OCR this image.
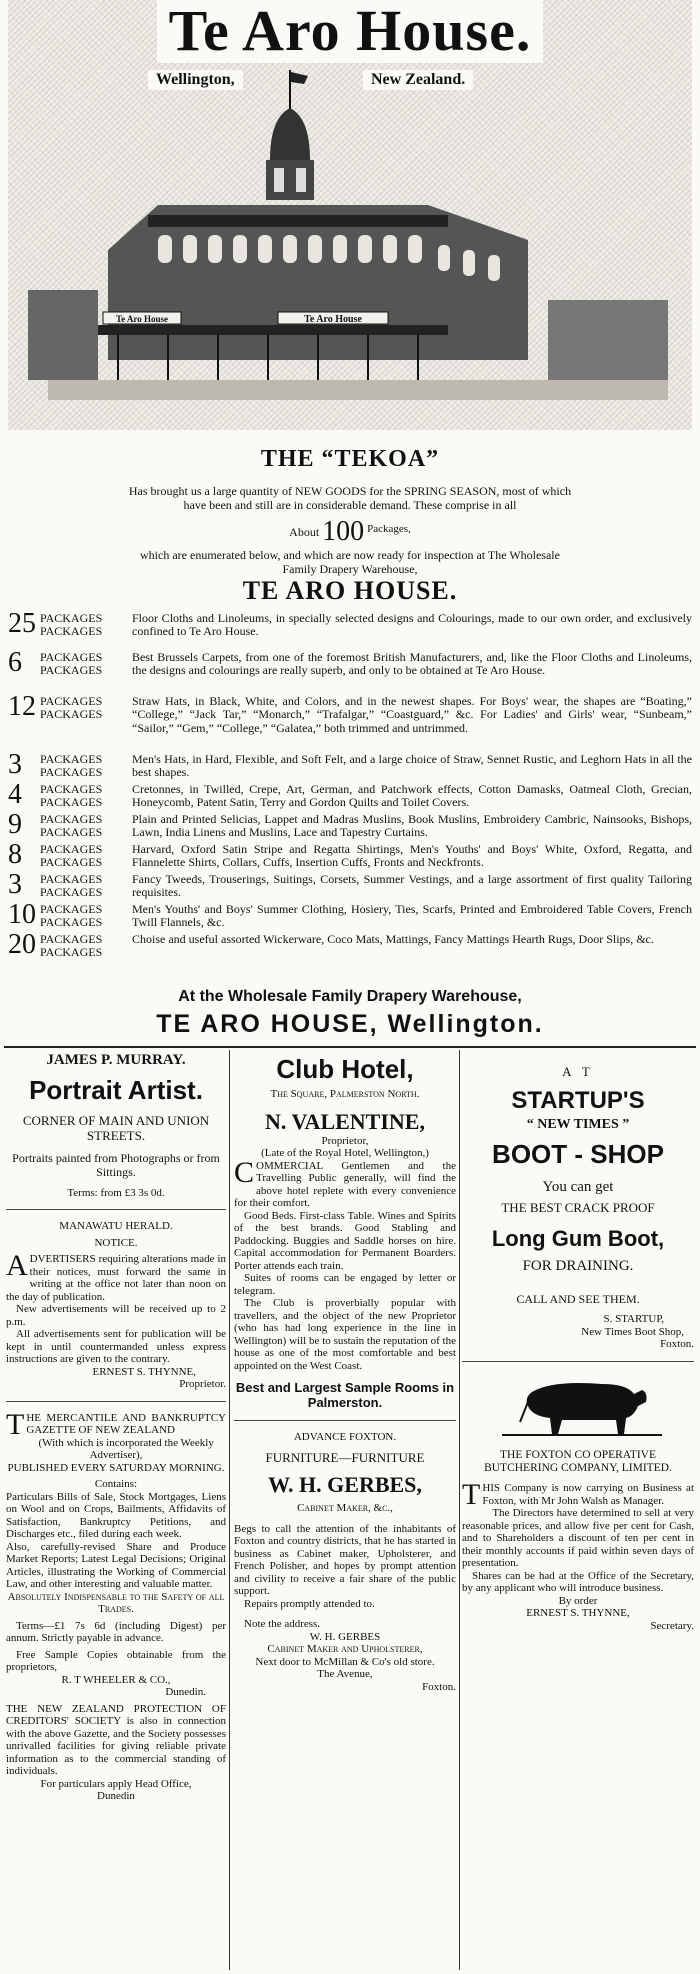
Te Aro House	Te Aro House
Te Aro House.
Wellington,	New Zealand.
THE “TEKOA”
Has brought us a large quantity of NEW GOODS for the SPRING SEASON, most of which have been and still are in considerable demand. These comprise in all
About 100 Packages,
which are enumerated below, and which are now ready for inspection at The Wholesale Family Drapery Warehouse,
TE ARO HOUSE.
25 PACKAGES
PACKAGES
Floor Cloths and Linoleums, in specially selected designs and Colourings, made to our own order, and exclusively confined to Te Aro House.
6 PACKAGES
PACKAGES
Best Brussels Carpets, from one of the foremost British Manufacturers, and, like the Floor Cloths and Linoleums, the designs and colourings are really superb, and only to be obtained at Te Aro House.
12 PACKAGES
PACKAGES
Straw Hats, in Black, White, and Colors, and in the newest shapes. For Boys' wear, the shapes are “Boating,” “College,” “Jack Tar,” “Monarch,” “Trafalgar,” “Coastguard,” &c. For Ladies' and Girls' wear, “Sunbeam,” “Sailor,” “Gem,” “College,” “Galatea,” both trimmed and untrimmed.
3 PACKAGES
PACKAGES
Men's Hats, in Hard, Flexible, and Soft Felt, and a large choice of Straw, Sennet Rustic, and Leghorn Hats in all the best shapes.
4 PACKAGES
PACKAGES
Cretonnes, in Twilled, Crepe, Art, German, and Patchwork effects, Cotton Damasks, Oatmeal Cloth, Grecian, Honeycomb, Patent Satin, Terry and Gordon Quilts and Toilet Covers.
9 PACKAGES
PACKAGES
Plain and Printed Selicias, Lappet and Madras Muslins, Book Muslins, Embroidery Cambric, Nainsooks, Bishops, Lawn, India Linens and Muslins, Lace and Tapestry Curtains.
8 PACKAGES
PACKAGES
Harvard, Oxford Satin Stripe and Regatta Shirtings, Men's Youths' and Boys' White, Oxford, Regatta, and Flannelette Shirts, Collars, Cuffs, Insertion Cuffs, Fronts and Neckfronts.
3 PACKAGES
PACKAGES
Fancy Tweeds, Trouserings, Suitings, Corsets, Summer Vestings, and a large assortment of first quality Tailoring requisites.
10 PACKAGES
PACKAGES
Men's Youths' and Boys' Summer Clothing, Hosiery, Ties, Scarfs, Printed and Embroidered Table Covers, French Twill Flannels, &c.
20 PACKAGES
PACKAGES
Choise and useful assorted Wickerware, Coco Mats, Mattings, Fancy Mattings Hearth Rugs, Door Slips, &c.
At the Wholesale Family Drapery Warehouse,
TE ARO HOUSE, Wellington.
JAMES P. MURRAY.
Portrait Artist.
CORNER OF MAIN AND UNION STREETS.
Portraits painted from Photographs or from Sittings.
Terms: from £3 3s 0d.
MANAWATU HERALD.
NOTICE.

ADVERTISERS requiring alterations made in their notices, must forward the same in writing at the office not later than noon on the day of publication.

New advertisements will be received up to 2 p.m.

All advertisements sent for publication will be kept in until countermanded unless express instructions are given to the contrary.

ERNEST S. THYNNE,

Proprietor.

THE MERCANTILE AND BANKRUPTCY GAZETTE OF NEW ZEALAND

(With which is incorporated the Weekly Advertiser),

PUBLISHED EVERY SATURDAY MORNING.

Contains:

Particulars Bills of Sale, Stock Mortgages, Liens on Wool and on Crops, Bailments, Affidavits of Satisfaction, Bankruptcy Petitions, and Discharges etc., filed during each week.

Also, carefully-revised Share and Produce Market Reports; Latest Legal Decisions; Original Articles, illustrating the Working of Commercial Law, and other interesting and valuable matter.

Absolutely Indispensable to the Safety of all Trades.

Terms—£1 7s 6d (including Digest) per annum. Strictly payable in advance.

Free Sample Copies obtainable from the proprietors,

R. T WHEELER & CO.,

Dunedin.

THE NEW ZEALAND PROTECTION OF CREDITORS' SOCIETY is also in connection with the above Gazette, and the Society possesses unrivalled facilities for giving reliable private information as to the commercial standing of individuals.

For particulars apply Head Office,

Dunedin

Club Hotel,
The Square, Palmerston North.
N. VALENTINE,
Proprietor,
(Late of the Royal Hotel, Wellington,)

COMMERCIAL Gentlemen and the Travelling Public generally, will find the above hotel replete with every convenience for their comfort.

Good Beds. First-class Table. Wines and Spirits of the best brands. Good Stabling and Paddocking. Buggies and Saddle horses on hire. Capital accommodation for Permanent Boarders. Porter attends each train.

Suites of rooms can be engaged by letter or telegram.

The Club is proverbially popular with travellers, and the object of the new Proprietor (who has had long experience in the line in Wellington) will be to sustain the reputation of the house as one of the most comfortable and best appointed on the West Coast.

Best and Largest Sample Rooms in Palmerston.
ADVANCE FOXTON.
FURNITURE—FURNITURE
W. H. GERBES,
Cabinet Maker, &c.,

Begs to call the attention of the inhabitants of Foxton and country districts, that he has started in business as Cabinet maker, Upholsterer, and French Polisher, and hopes by prompt attention and civility to receive a fair share of the public support.

Repairs promptly attended to.

Note the address.

W. H. GERBES

Cabinet Maker and Upholsterer,

Next door to McMillan & Co's old store.

The Avenue,

Foxton.

A T
STARTUP'S
“ NEW TIMES ”
BOOT - SHOP
You can get
THE BEST CRACK PROOF
Long Gum Boot,
FOR DRAINING.
CALL AND SEE THEM.

S. STARTUP,

New Times Boot Shop,

Foxton.

THE FOXTON CO OPERATIVE BUTCHERING COMPANY, LIMITED.

THIS Company is now carrying on Business at Foxton, with Mr John Walsh as Manager.

The Directors have determined to sell at very reasonable prices, and allow five per cent for Cash, and to Shareholders a discount of ten per cent in their monthly accounts if paid within seven days of presentation.

Shares can be had at the Office of the Secretary, by any applicant who will introduce business.

By order

ERNEST S. THYNNE,

Secretary.
